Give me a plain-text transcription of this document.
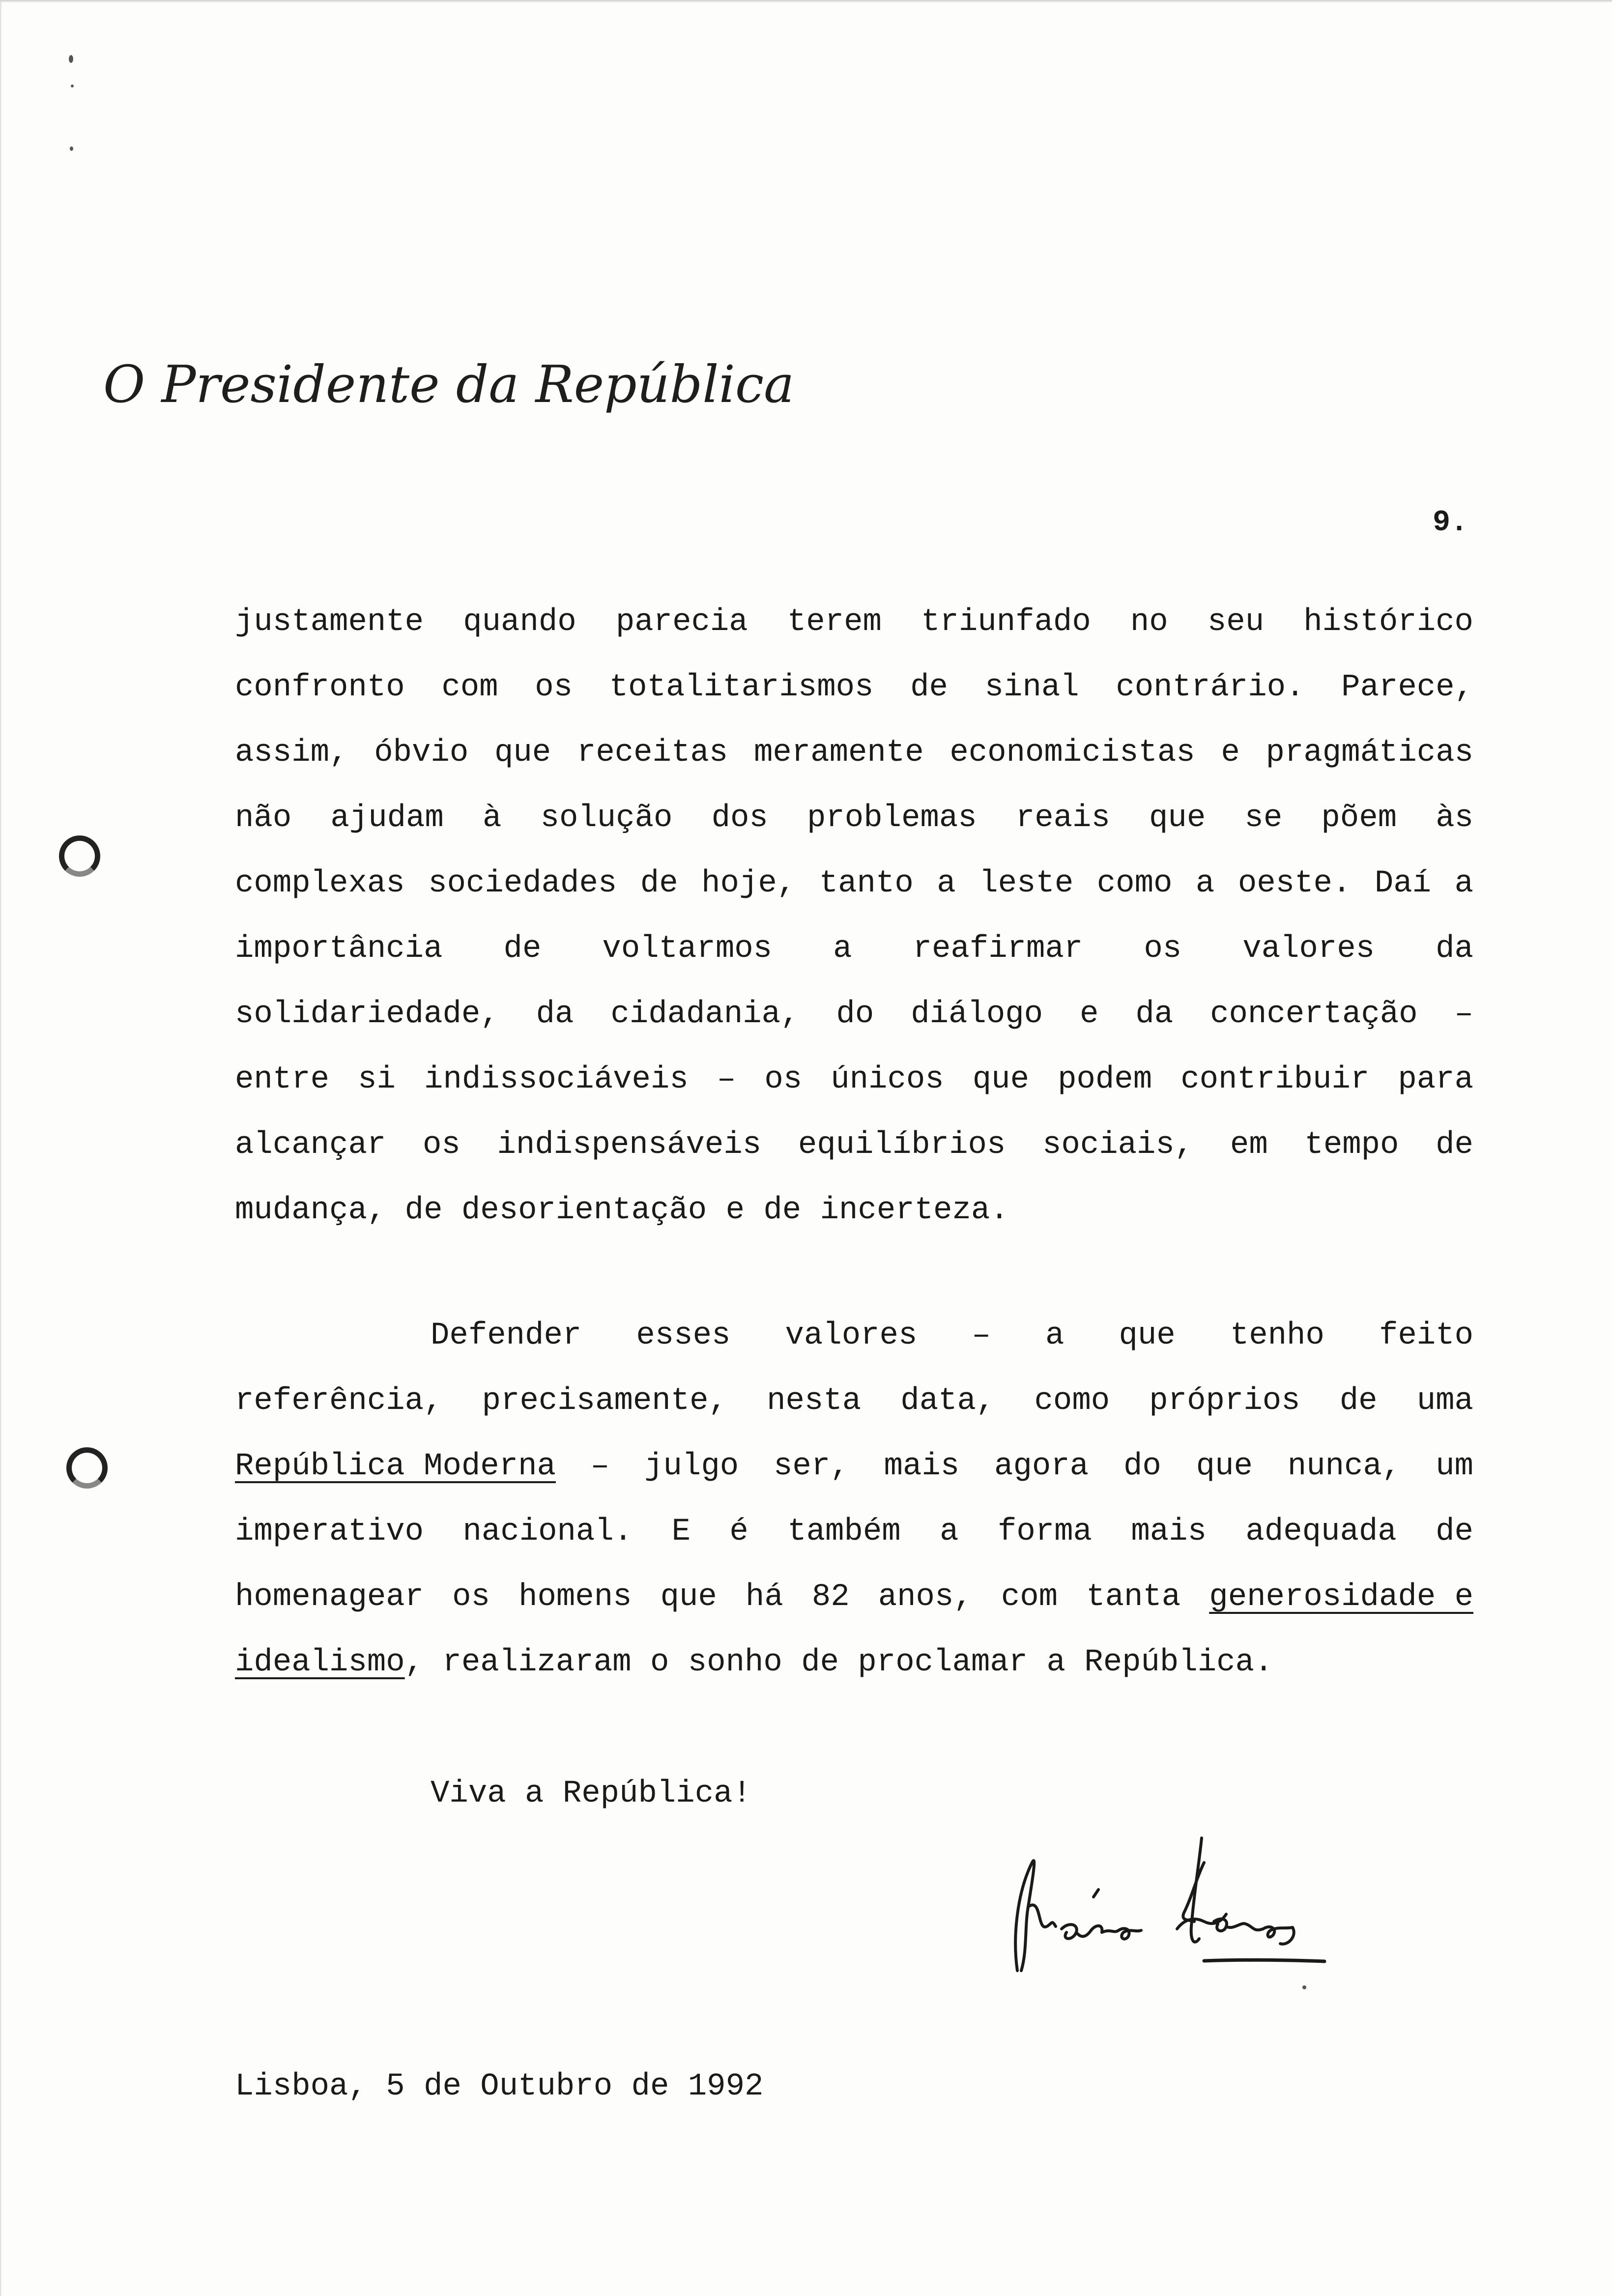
O Presidente da República
9.
justamente quando parecia terem triunfado no seu histórico
confronto com os totalitarismos de sinal contrário. Parece,
assim, óbvio que receitas meramente economicistas e pragmáticas
não ajudam à solução dos problemas reais que se põem às
complexas sociedades de hoje, tanto a leste como a oeste. Daí a
importância de voltarmos a reafirmar os valores da
solidariedade, da cidadania, do diálogo e da concertação –
entre si indissociáveis – os únicos que podem contribuir para
alcançar os indispensáveis equilíbrios sociais, em tempo de
mudança, de desorientação e de incerteza.
Defender esses valores – a que tenho feito
referência, precisamente, nesta data, como próprios de uma
República Moderna – julgo ser, mais agora do que nunca, um
imperativo nacional. E é também a forma mais adequada de
homenagear os homens que há 82 anos, com tanta generosidade e
idealismo , realizaram o sonho de proclamar a República.
Viva a República!
Lisboa, 5 de Outubro de 1992
